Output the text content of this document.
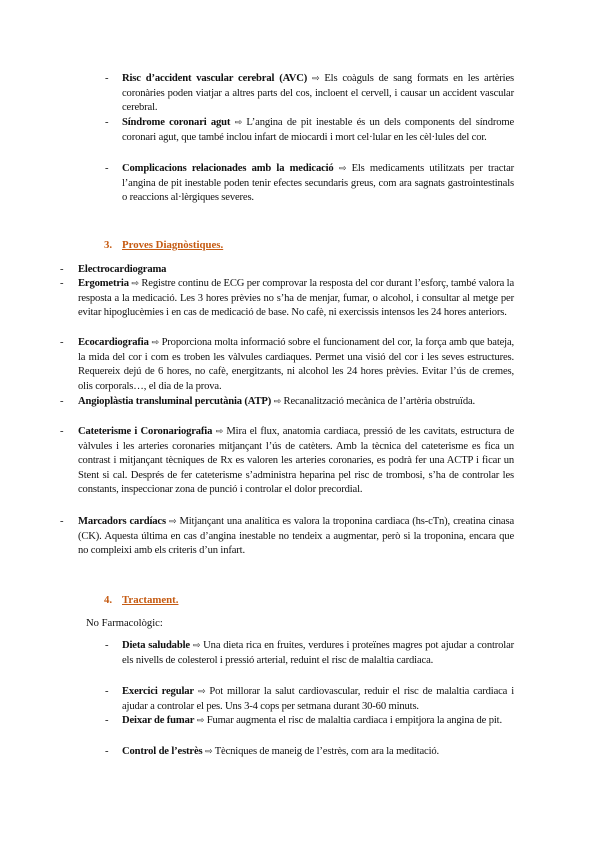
- Risc d’accident vascular cerebral (AVC) ⇨ Els coàguls de sang formats en les artèries coronàries poden viatjar a altres parts del cos, incloent el cervell, i causar un accident vascular cerebral.
- Síndrome coronari agut ⇨ L’angina de pit inestable és un dels components del síndrome coronari agut, que també inclou infart de miocardi i mort cel·lular en les cèl·lules del cor.
- Complicacions relacionades amb la medicació ⇨ Els medicaments utilitzats per tractar l’angina de pit inestable poden tenir efectes secundaris greus, com ara sagnats gastrointestinals o reaccions al·lèrgiques severes.
3. Proves Diagnòstiques.
- Electrocardiograma
- Ergometria ⇨ Registre continu de ECG per comprovar la resposta del cor durant l’esforç, també valora la resposta a la medicació. Les 3 hores prèvies no s’ha de menjar, fumar, o alcohol, i consultar al metge per evitar hipoglucèmies i en cas de medicació de base. No cafè, ni exercissis intensos les 24 hores anteriors.
- Ecocardiografia ⇨ Proporciona molta informació sobre el funcionament del cor, la força amb que bateja, la mida del cor i com es troben les vàlvules cardiaques. Permet una visió del cor i les seves estructures. Requereix dejú de 6 hores, no cafè, energitzants, ni alcohol les 24 hores prèvies. Evitar l’ús de cremes, olis corporals…, el dia de la prova.
- Angioplàstia transluminal percutània (ATP) ⇨ Recanalització mecànica de l’artèria obstruïda.
- Cateterisme i Coronariografia ⇨ Mira el flux, anatomia cardiaca, pressió de les cavitats, estructura de vàlvules i les arteries coronaries mitjançant l’ús de catèters. Amb la tècnica del cateterisme es fica un contrast i mitjançant tècniques de Rx es valoren les arteries coronaries, es podrà fer una ACTP i ficar un Stent si cal. Després de fer cateterisme s’administra heparina pel risc de trombosi, s’ha de controlar les constants, inspeccionar zona de punció i controlar el dolor precordial.
- Marcadors cardíacs ⇨ Mitjançant una analítica es valora la troponina cardiaca (hs-cTn), creatina cinasa (CK). Aquesta última en cas d’angina inestable no tendeix a augmentar, però si la troponina, encara que no compleixi amb els criteris d’un infart.
4. Tractament.
No Farmacològic:
- Dieta saludable ⇨ Una dieta rica en fruites, verdures i proteïnes magres pot ajudar a controlar els nivells de colesterol i pressió arterial, reduint el risc de malaltia cardiaca.
- Exercici regular ⇨ Pot millorar la salut cardiovascular, reduir el risc de malaltia cardiaca i ajudar a controlar el pes. Uns 3-4 cops per setmana durant 30-60 minuts.
- Deixar de fumar ⇨ Fumar augmenta el risc de malaltia cardiaca i empitjora la angina de pit.
- Control de l’estrès ⇨ Tècniques de maneig de l’estrès, com ara la meditació.
